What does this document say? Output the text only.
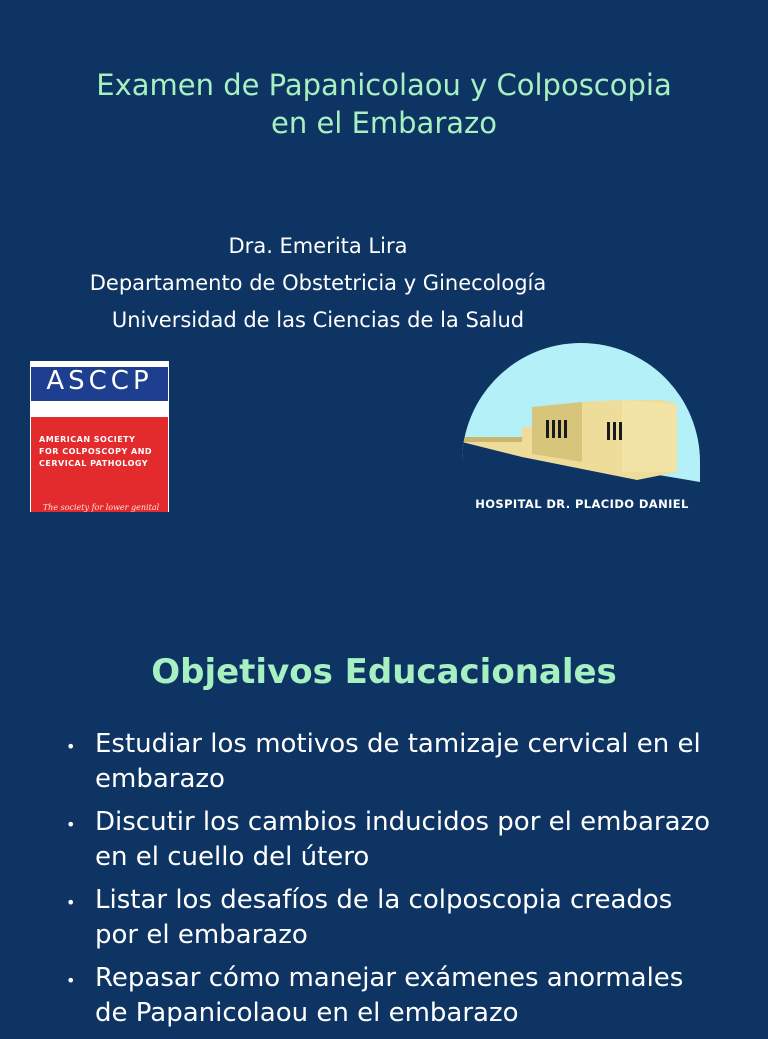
Examen de Papanicolaou y Colposcopia
en el Embarazo
Dra. Emerita Lira
Departamento de Obstetricia y Ginecología
Universidad de las Ciencias de la Salud
ASCCP
AMERICAN SOCIETY
FOR COLPOSCOPY AND
CERVICAL PATHOLOGY
The society for lower genital	HOSPITAL DR. PLACIDO DANIEL
Objetivos Educacionales
• Estudiar los motivos de tamizaje cervical en el embarazo
• Discutir los cambios inducidos por el embarazo en el cuello del útero
• Listar los desafíos de la colposcopia creados por el embarazo
• Repasar cómo manejar exámenes anormales de Papanicolaou en el embarazo
